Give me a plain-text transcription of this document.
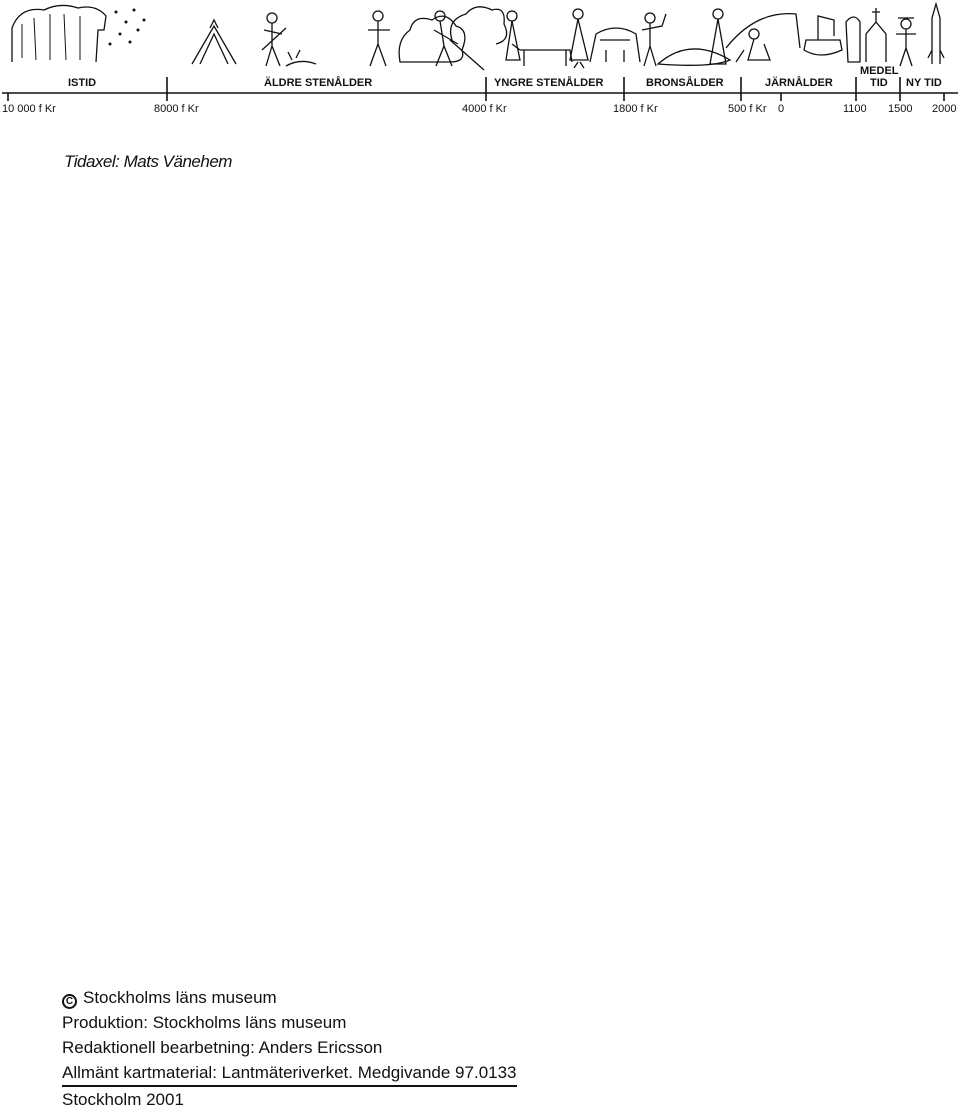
ISTID	ÄLDRE STENÅLDER	YNGRE STENÅLDER	BRONSÅLDER	JÄRNÅLDER
MEDEL
TID NY TID
10 000 f Kr	8000 f Kr	4000 f Kr	1800 f Kr	500 f Kr 0	1100 1500 2000
Tidaxel: Mats Vänehem
C Stockholms läns museum
Produktion: Stockholms läns museum
Redaktionell bearbetning: Anders Ericsson
Allmänt kartmaterial: Lantmäteriverket. Medgivande 97.0133
Stockholm 2001
